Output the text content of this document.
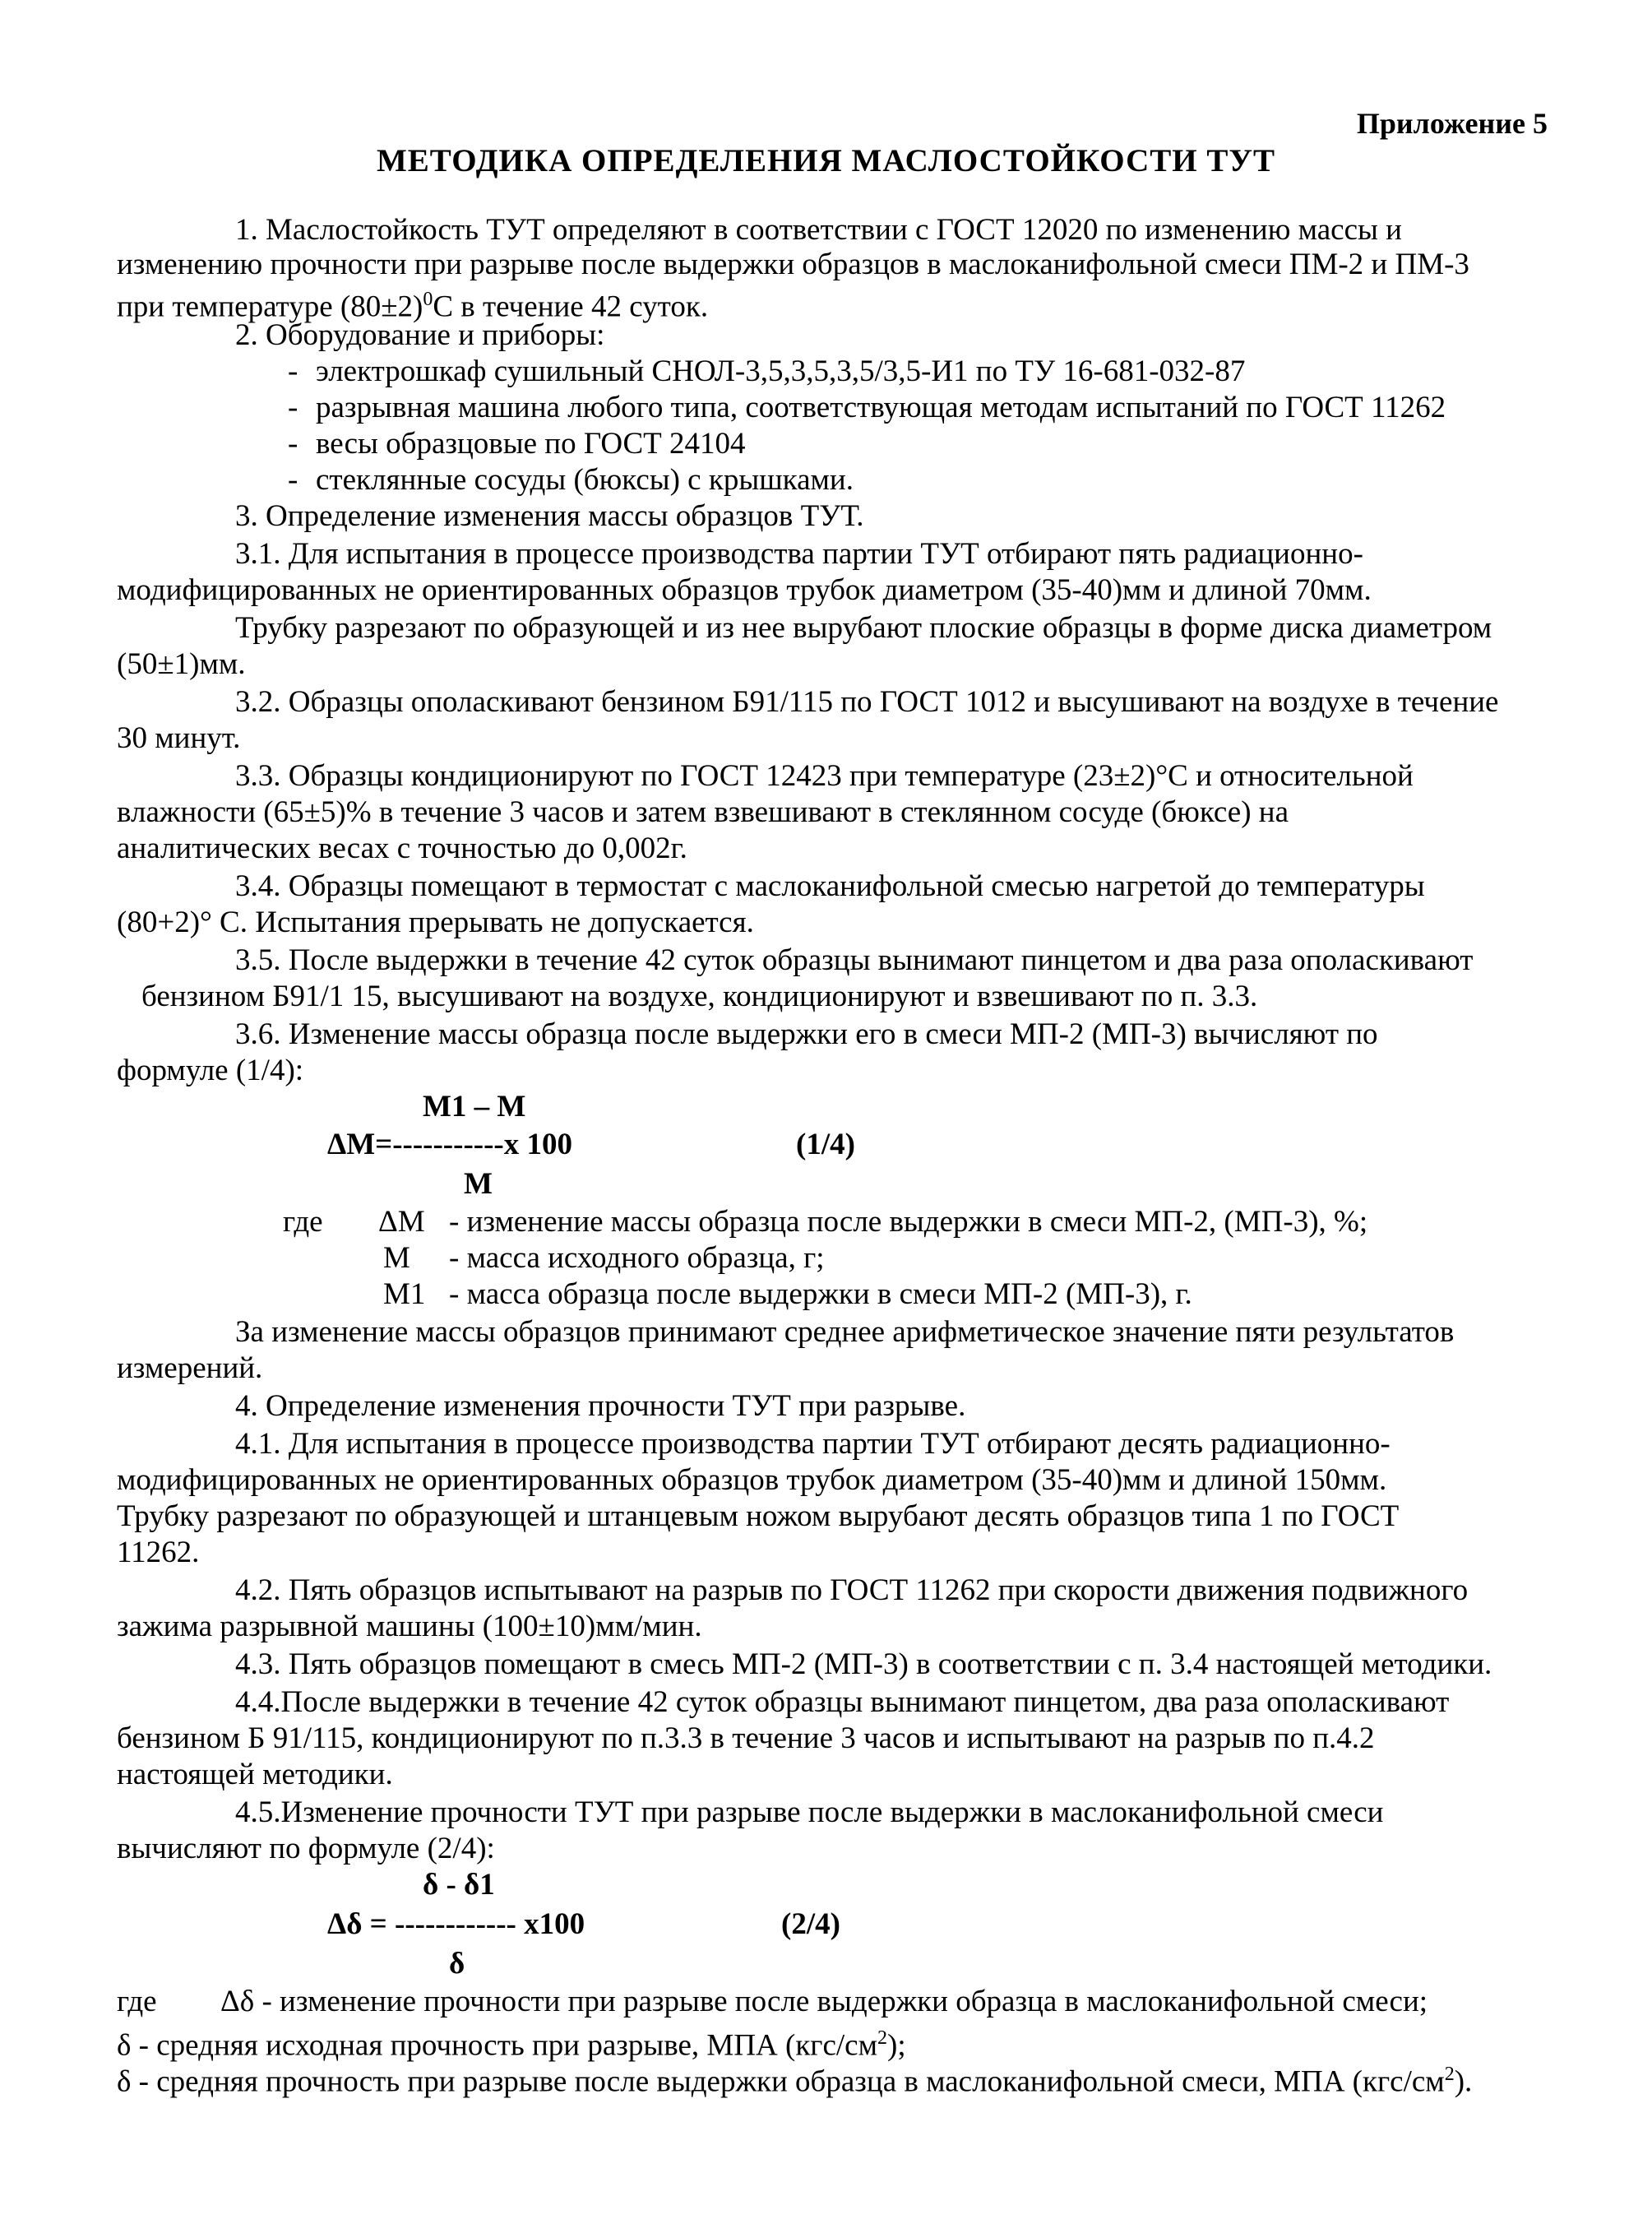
Приложение 5
МЕТОДИКА ОПРЕДЕЛЕНИЯ МАСЛОСТОЙКОСТИ ТУТ
1. Маслостойкость ТУТ определяют в соответствии с ГОСТ 12020 по изменению массы и
изменению прочности при разрыве после выдержки образцов в маслоканифольной смеси ПМ-2 и ПМ-3
при температуре $(80\pm 2)^0С$ в течение 42 суток.
2. Оборудование и приборы:
- электрошкаф сушильный СНОЛ-3,5,3,5,3,5/3,5-И1 по ТУ 16-681-032-87
- разрывная машина любого типа, соответствующая методам испытаний по ГОСТ 11262
- весы образцовые по ГОСТ 24104
- стеклянные сосуды (бюксы) с крышками.
3. Определение изменения массы образцов ТУТ.
3.1. Для испытания в процессе производства партии ТУТ отбирают пять радиационно-
модифицированных не ориентированных образцов трубок диаметром (35-40)мм и длиной 70мм.
Трубку разрезают по образующей и из нее вырубают плоские образцы в форме диска диаметром
(50±1)мм.
3.2. Образцы ополаскивают бензином Б91/115 по ГОСТ 1012 и высушивают на воздухе в течение
30 минут.
3.3. Образцы кондиционируют по ГОСТ 12423 при температуре (23±2)°С и относительной
влажности (65±5)% в течение 3 часов и затем взвешивают в стеклянном сосуде (бюксе) на
аналитических весах с точностью до 0,002г.
3.4. Образцы помещают в термостат с маслоканифольной смесью нагретой до температуры
(80+2)° С. Испытания прерывать не допускается.
3.5. После выдержки в течение 42 суток образцы вынимают пинцетом и два раза ополаскивают
бензином Б91/1 15, высушивают на воздухе, кондиционируют и взвешивают по п. 3.3.
3.6. Изменение массы образца после выдержки его в смеси МП-2 (МП-3) вычисляют по
формуле (1/4):
М1 – М
ΔМ=-----------х 100	(1/4)
М
где ΔМ - изменение массы образца после выдержки в смеси МП-2, (МП-3), %;
М - масса исходного образца, г;
М1 - масса образца после выдержки в смеси МП-2 (МП-3), г.
За изменение массы образцов принимают среднее арифметическое значение пяти результатов
измерений.
4. Определение изменения прочности ТУТ при разрыве.
4.1. Для испытания в процессе производства партии ТУТ отбирают десять радиационно-
модифицированных не ориентированных образцов трубок диаметром (35-40)мм и длиной 150мм.
Трубку разрезают по образующей и штанцевым ножом вырубают десять образцов типа 1 по ГОСТ
11262.
4.2. Пять образцов испытывают на разрыв по ГОСТ 11262 при скорости движения подвижного
зажима разрывной машины (100±10)мм/мин.
4.3. Пять образцов помещают в смесь МП-2 (МП-3) в соответствии с п. 3.4 настоящей методики.
4.4.После выдержки в течение 42 суток образцы вынимают пинцетом, два раза ополаскивают
бензином Б 91/115, кондиционируют по п.3.3 в течение 3 часов и испытывают на разрыв по п.4.2
настоящей методики.
4.5.Изменение прочности ТУТ при разрыве после выдержки в маслоканифольной смеси
вычисляют по формуле (2/4):
δ - δ1
Δδ = ------------ х100	(2/4)
δ
где Δδ - изменение прочности при разрыве после выдержки образца в маслоканифольной смеси;
δ - средняя исходная прочность при разрыве, МПА $(кгс/см^2)$;
δ - средняя прочность при разрыве после выдержки образца в маслоканифольной смеси, МПА $(кгс/см^2)$.
